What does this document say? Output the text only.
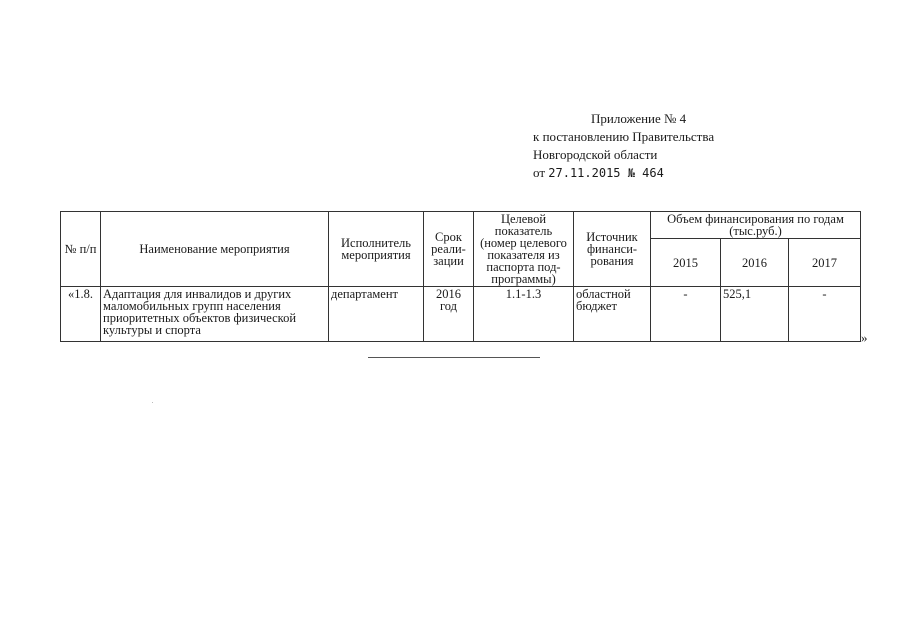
Приложение № 4
к постановлению Правительства
Новгородской области
от 27.11.2015 № 464
№ п/п	Наименование мероприятия	Исполнитель мероприятия	Срок реали-зации	Целевой показатель (номер целевого показателя из паспорта под-программы)	Источник финанси-рования	Объем финансирования по годам (тыс.руб.)		
						2015	2016	2017
«1.8.	Адаптация для инвалидов и других маломобильных групп населения приоритетных объектов физической культуры и спорта	департамент	2016 год	1.1-1.3	областной бюджет	-	525,1	-
»
